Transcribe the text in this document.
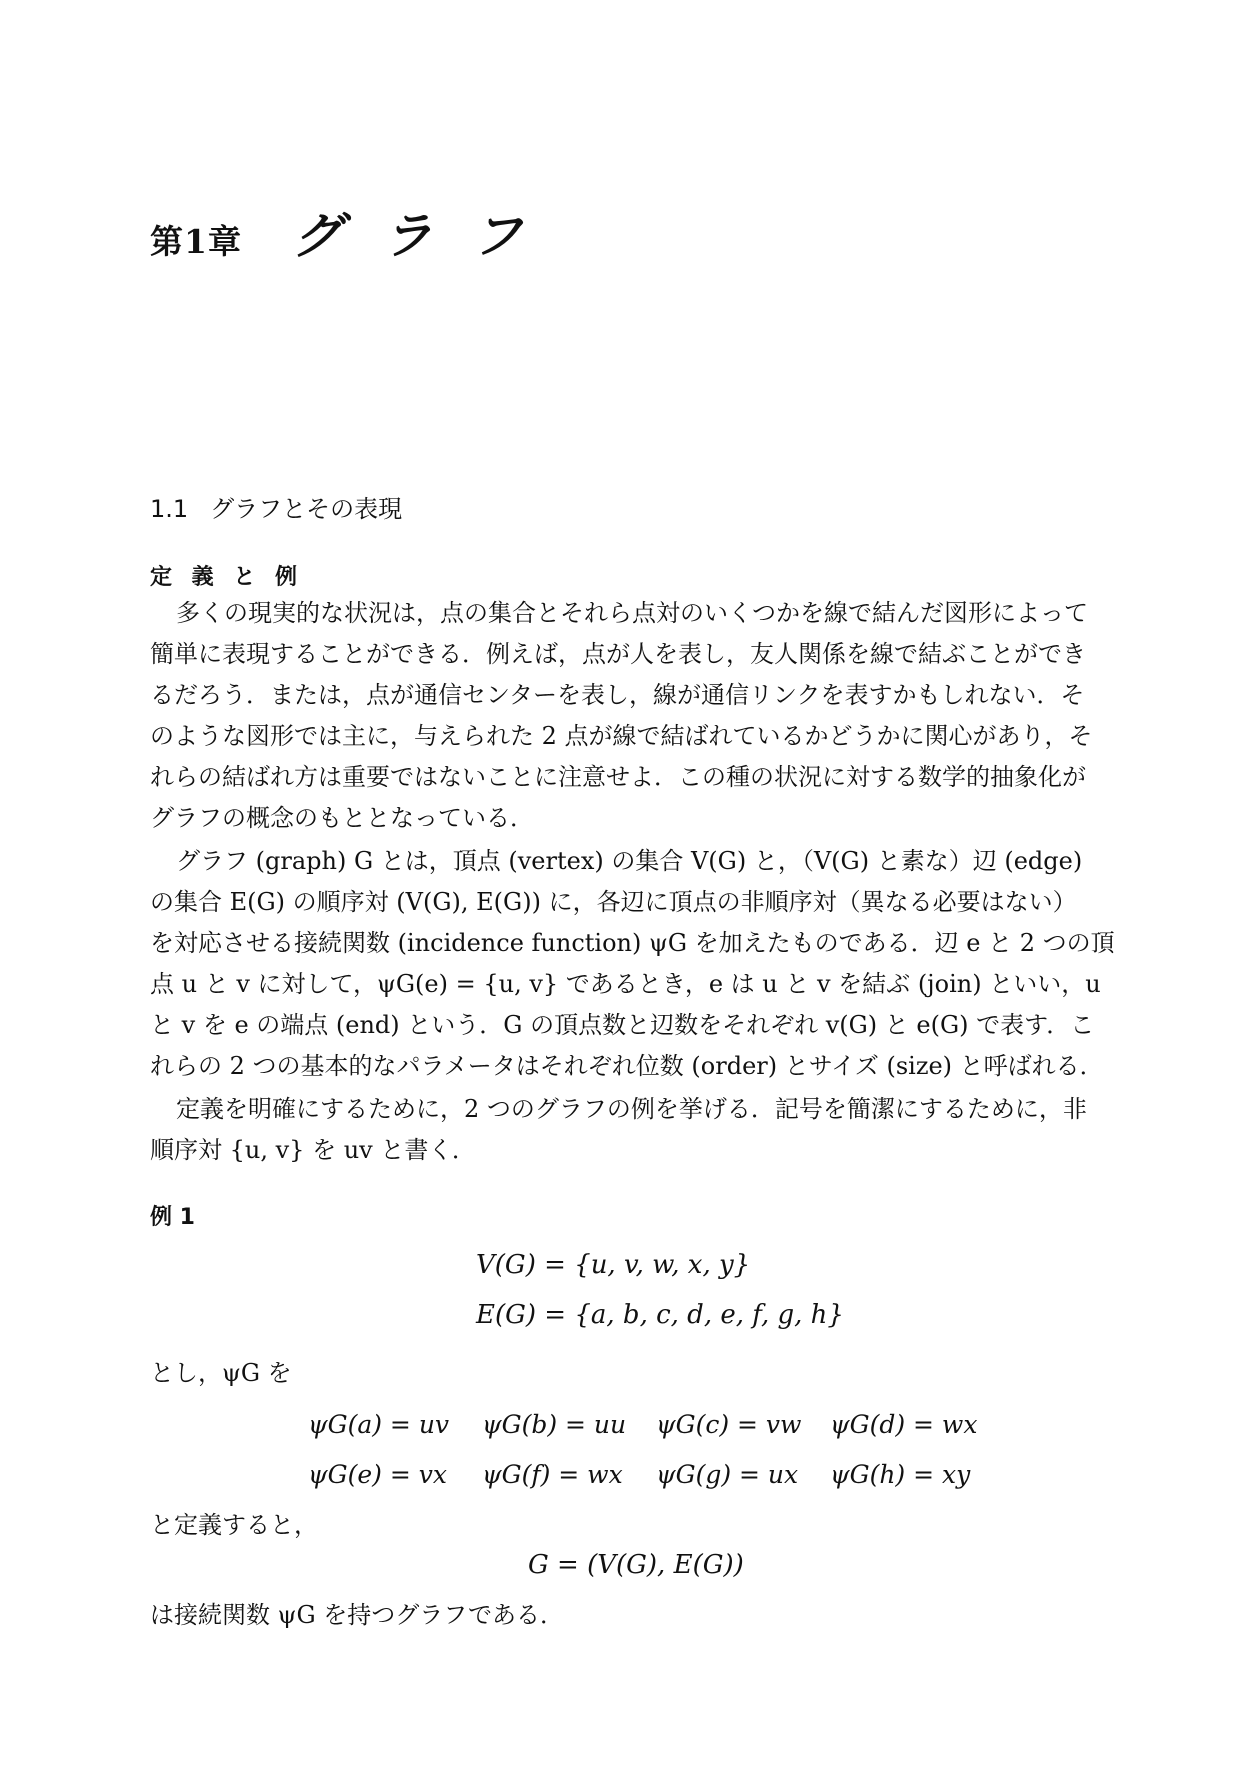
第1章 グラフ
1.1 グラフとその表現
定 義 と 例
多くの現実的な状況は，点の集合とそれら点対のいくつかを線で結んだ図形によって
簡単に表現することができる．例えば，点が人を表し，友人関係を線で結ぶことができ
るだろう．または，点が通信センターを表し，線が通信リンクを表すかもしれない．そ
のような図形では主に，与えられた 2 点が線で結ばれているかどうかに関心があり，そ
れらの結ばれ方は重要ではないことに注意せよ．この種の状況に対する数学的抽象化が
グラフの概念のもととなっている．
グラフ (graph) G とは，頂点 (vertex) の集合 V(G) と，（V(G) と素な）辺 (edge)
の集合 E(G) の順序対 (V(G), E(G)) に，各辺に頂点の非順序対（異なる必要はない）
を対応させる接続関数 (incidence function) ψG を加えたものである．辺 e と 2 つの頂
点 u と v に対して，ψG(e) = {u, v} であるとき，e は u と v を結ぶ (join) といい，u
と v を e の端点 (end) という．G の頂点数と辺数をそれぞれ v(G) と e(G) で表す．こ
れらの 2 つの基本的なパラメータはそれぞれ位数 (order) とサイズ (size) と呼ばれる．
定義を明確にするために，2 つのグラフの例を挙げる．記号を簡潔にするために，非
順序対 {u, v} を uv と書く．
例 1
V(G) = {u, v, w, x, y}
E(G) = {a, b, c, d, e, f, g, h}
とし，ψG を
ψG(a) = uv ψG(b) = uu ψG(c) = vw ψG(d) = wx
ψG(e) = vx ψG(f) = wx ψG(g) = ux ψG(h) = xy
と定義すると，
G = (V(G), E(G))
は接続関数 ψG を持つグラフである．
